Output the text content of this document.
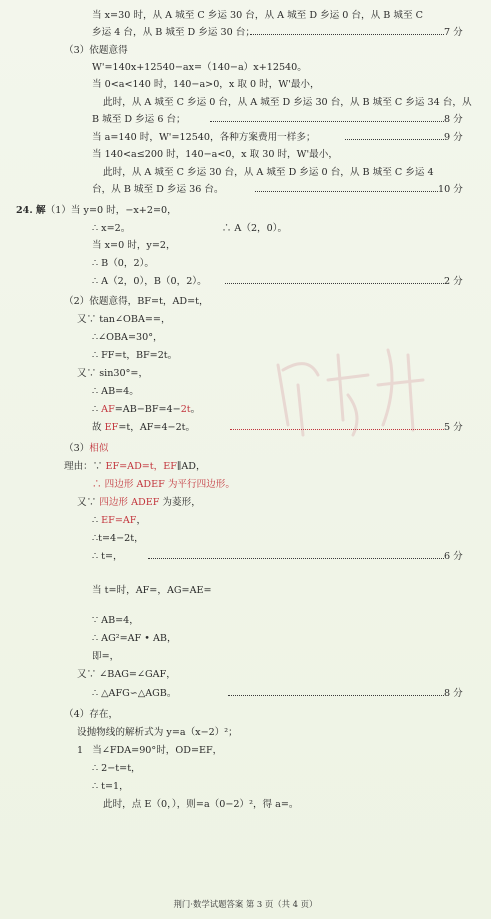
当 x=30 时，从 A 城至 C 乡运 30 台，从 A 城至 D 乡运 0 台，从 B 城至 C
乡运 4 台，从 B 城至 D 乡运 30 台；
（3）依题意得
W'=140x+12540−ax=（140−a）x+12540。
当 0<a<140 时，140−a>0，x 取 0 时，W'最小，
此时，从 A 城至 C 乡运 0 台，从 A 城至 D 乡运 30 台，从 B 城至 C 乡运 34 台，从
B 城至 D 乡运 6 台；
当 a=140 时，W'=12540，各种方案费用一样多；
当 140<a≤200 时，140−a<0，x 取 30 时，W'最小，
此时，从 A 城至 C 乡运 30 台，从 A 城至 D 乡运 0 台，从 B 城至 C 乡运 4
台，从 B 城至 D 乡运 36 台。
24. 解（1）当 y=0 时，−x+2=0，
∴ x=2。                              ∴ A（2，0）。
当 x=0 时，y=2，
∴ B（0，2）。
∴ A（2，0），B（0，2）。
（2）依题意得，BF=t，AD=t，
又∵ tan∠OBA==，
∴∠OBA=30°，
∴ FF=t，BF=2t。
又∵ sin30°=，
∴ AB=4。
∴ AF=AB−BF=4−2t。
故 EF=t，AF=4−2t。
（3）相似
理由：∵ EF=AD=t，EF∥AD，
∴ 四边形 ADEF 为平行四边形。
又∵ 四边形 ADEF 为菱形，
∴ EF=AF，
∴t=4−2t，
∴ t=，
当 t=时，AF=，AG=AE=
∵ AB=4，
∴ AG²=AF • AB，
即=，
又∵ ∠BAG=∠GAF，
∴ △AFG∽△AGB。
（4）存在，
设抛物线的解析式为 y=a（x−2）²；
1   当∠FDA=90°时，OD=EF，
∴ 2−t=t，
∴ t=1，
此时，点 E（0，），则=a（0−2）²，得 a=。
7 分
8 分
9 分
10 分
2 分
5 分
6 分
8 分
荆门·数学试题答案 第 3 页（共 4 页）
